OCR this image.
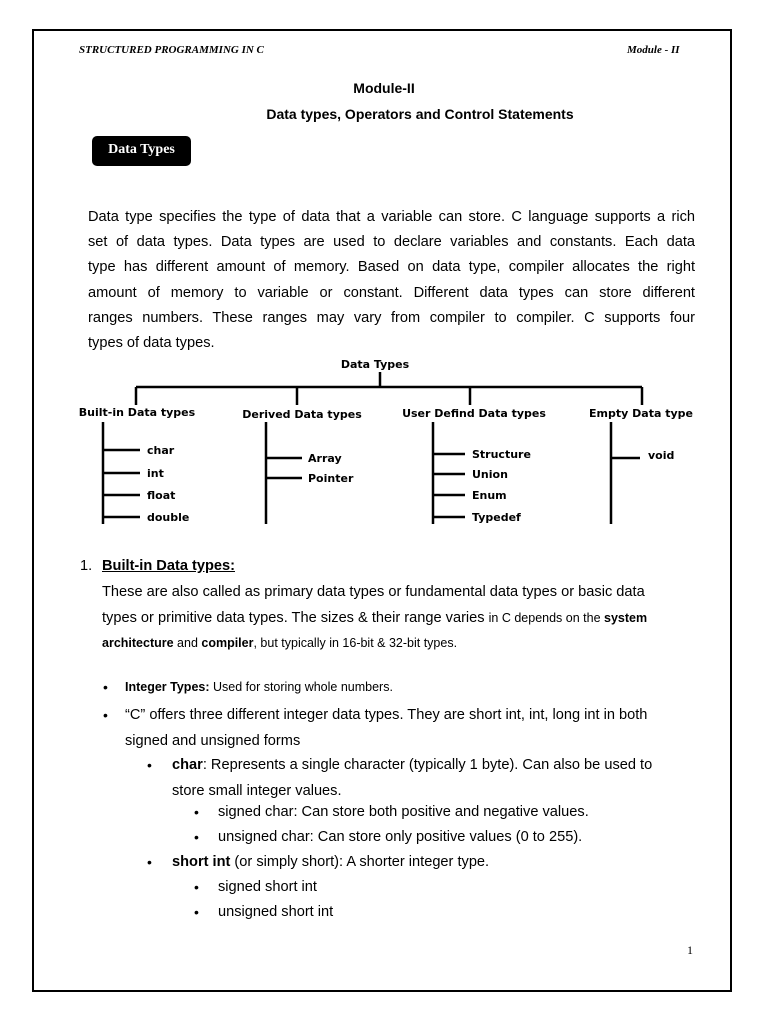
STRUCTURED PROGRAMMING IN C	Module - II
Module-II
Data types, Operators and Control Statements
Data Types
Data type specifies the type of data that a variable can store. C language supports a rich
set of data types. Data types are used to declare variables and constants. Each data
type has different amount of memory. Based on data type, compiler allocates the right
amount of memory to variable or constant. Different data types can store different
ranges numbers. These ranges may vary from compiler to compiler. C supports four
types of data types.
Data Types
Built-in Data types	Derived Data types	User Defind Data types	Empty Data type
char
int
float
double
Array
Pointer
Structure
Union
Enum
Typedef
void
1. Built-in Data types:
These are also called as primary data types or fundamental data types or basic data
types or primitive data types. The sizes & their range varies in C depends on the system
architecture and compiler, but typically in 16-bit & 32-bit types.
• Integer Types: Used for storing whole numbers.
• “C” offers three different integer data types. They are short int, int, long int in both
signed and unsigned forms
• char: Represents a single character (typically 1 byte). Can also be used to
store small integer values.
• signed char: Can store both positive and negative values.
• unsigned char: Can store only positive values (0 to 255).
• short int (or simply short): A shorter integer type.
• signed short int
• unsigned short int
1
